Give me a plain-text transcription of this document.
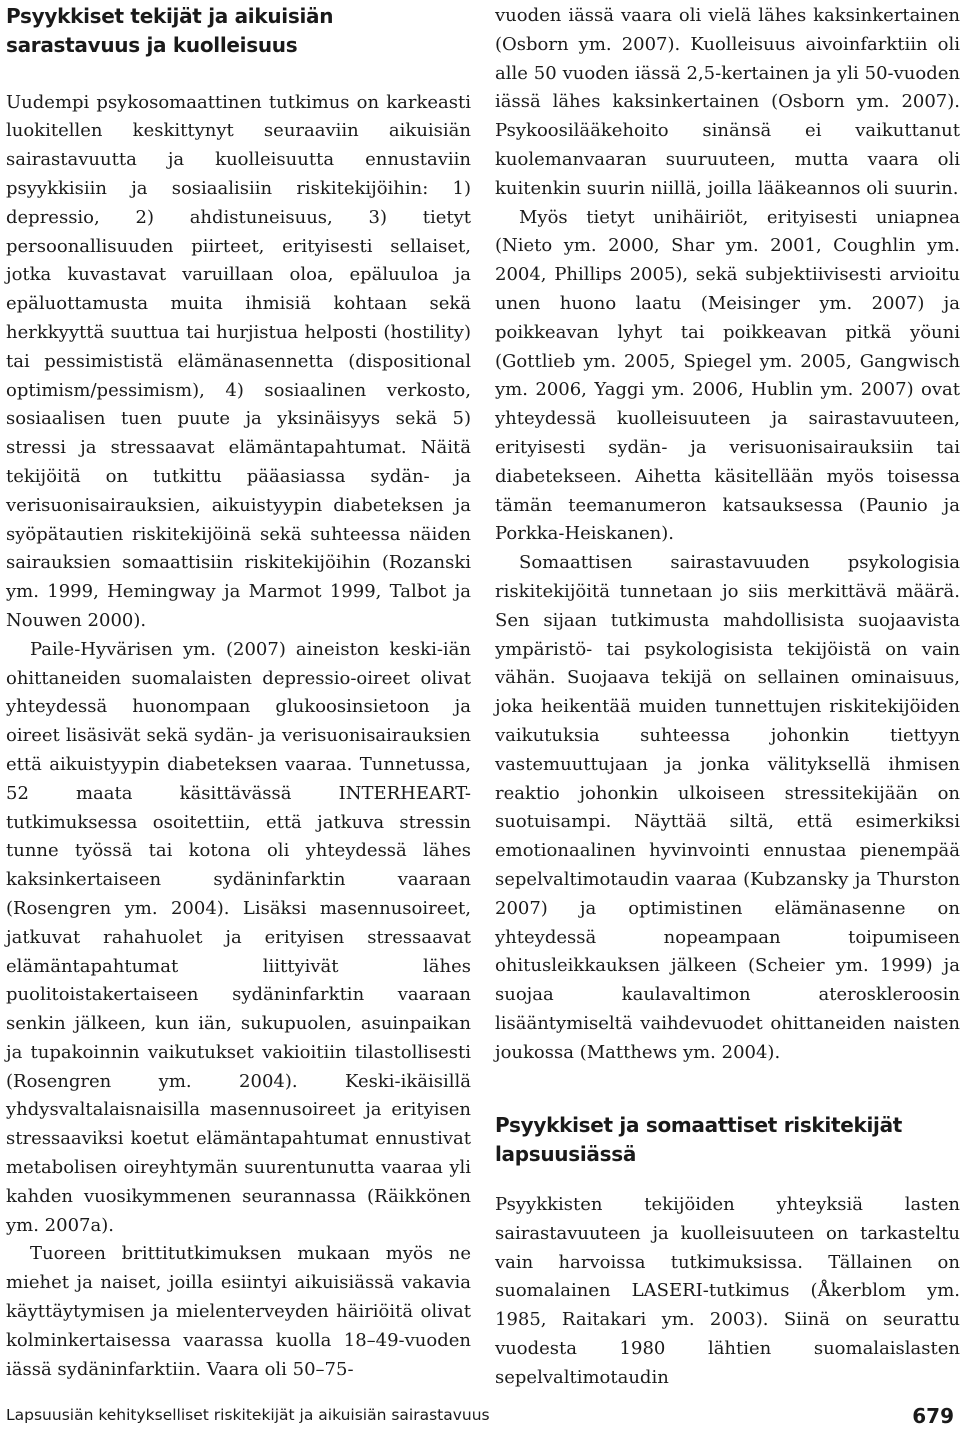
Psyykkiset tekijät ja aikuisiän sarastavuus ja kuolleisuus

Uudempi psykosomaattinen tutkimus on karkeasti luokitellen keskittynyt seuraaviin aikuisiän sairastavuutta ja kuolleisuutta ennustaviin psyykkisiin ja sosiaalisiin riskitekijöihin: 1) depressio, 2) ahdistuneisuus, 3) tietyt persoonallisuuden piirteet, erityisesti sellaiset, jotka kuvastavat varuillaan oloa, epäluuloa ja epäluottamusta muita ihmisiä kohtaan sekä herkkyyttä suuttua tai hurjistua helposti (hostility) tai pessimististä elämänasennetta (dispositional optimism/pessimism), 4) sosiaalinen verkosto, sosiaalisen tuen puute ja yksinäisyys sekä 5) stressi ja stressaavat elämäntapahtumat. Näitä tekijöitä on tutkittu pääasiassa sydän- ja verisuonisairauksien, aikuistyypin diabeteksen ja syöpätautien riskitekijöinä sekä suhteessa näiden sairauksien somaattisiin riskitekijöihin (Rozanski ym. 1999, Hemingway ja Marmot 1999, Talbot ja Nouwen 2000).

Paile-Hyvärisen ym. (2007) aineiston keski-iän ohittaneiden suomalaisten depressio-oireet olivat yhteydessä huonompaan glukoosinsietoon ja oireet lisäsivät sekä sydän- ja verisuonisairauksien että aikuistyypin diabeteksen vaaraa. Tunnetussa, 52 maata käsittävässä INTERHEART-tutkimuksessa osoitettiin, että jatkuva stressin tunne työssä tai kotona oli yhteydessä lähes kaksinkertaiseen sydäninfarktin vaaraan (Rosengren ym. 2004). Lisäksi masennusoireet, jatkuvat rahahuolet ja erityisen stressaavat elämäntapahtumat liittyivät lähes puolitoistakertaiseen sydäninfarktin vaaraan senkin jälkeen, kun iän, sukupuolen, asuinpaikan ja tupakoinnin vaikutukset vakioitiin tilastollisesti (Rosengren ym. 2004). Keski-ikäisillä yhdysvaltalaisnaisilla masennusoireet ja erityisen stressaaviksi koetut elämäntapahtumat ennustivat metabolisen oireyhtymän suurentunutta vaaraa yli kahden vuosikymmenen seurannassa (Räikkönen ym. 2007a).

Tuoreen brittitutkimuksen mukaan myös ne miehet ja naiset, joilla esiintyi aikuisiässä vakavia käyttäytymisen ja mielenterveyden häiriöitä olivat kolminkertaisessa vaarassa kuolla 18–49-vuoden iässä sydäninfarktiin. Vaara oli 50–75-

vuoden iässä vaara oli vielä lähes kaksinkertainen (Osborn ym. 2007). Kuolleisuus aivoinfarktiin oli alle 50 vuoden iässä 2,5-kertainen ja yli 50-vuoden iässä lähes kaksinkertainen (Osborn ym. 2007). Psykoosilääkehoito sinänsä ei vaikuttanut kuolemanvaaran suuruuteen, mutta vaara oli kuitenkin suurin niillä, joilla lääkeannos oli suurin.

Myös tietyt unihäiriöt, erityisesti uniapnea (Nieto ym. 2000, Shar ym. 2001, Coughlin ym. 2004, Phillips 2005), sekä subjektiivisesti arvioitu unen huono laatu (Meisinger ym. 2007) ja poikkeavan lyhyt tai poikkeavan pitkä yöuni (Gottlieb ym. 2005, Spiegel ym. 2005, Gangwisch ym. 2006, Yaggi ym. 2006, Hublin ym. 2007) ovat yhteydessä kuolleisuuteen ja sairastavuuteen, erityisesti sydän- ja verisuonisairauksiin tai diabetekseen. Aihetta käsitellään myös toisessa tämän teemanumeron katsauksessa (Paunio ja Porkka-Heiskanen).

Somaattisen sairastavuuden psykologisia riskitekijöitä tunnetaan jo siis merkittävä määrä. Sen sijaan tutkimusta mahdollisista suojaavista ympäristö- tai psykologisista tekijöistä on vain vähän. Suojaava tekijä on sellainen ominaisuus, joka heikentää muiden tunnettujen riskitekijöiden vaikutuksia suhteessa johonkin tiettyyn vastemuuttujaan ja jonka välityksellä ihmisen reaktio johonkin ulkoiseen stressitekijään on suotuisampi. Näyttää siltä, että esimerkiksi emotionaalinen hyvinvointi ennustaa pienempää sepelvaltimotaudin vaaraa (Kubzansky ja Thurston 2007) ja optimistinen elämänasenne on yhteydessä nopeampaan toipumiseen ohitusleikkauksen jälkeen (Scheier ym. 1999) ja suojaa kaulavaltimon ateroskleroosin lisääntymiseltä vaihdevuodet ohittaneiden naisten joukossa (Matthews ym. 2004).

Psyykkiset ja somaattiset riskitekijät lapsuusiässä

Psyykkisten tekijöiden yhteyksiä lasten sairastavuuteen ja kuolleisuuteen on tarkasteltu vain harvoissa tutkimuksissa. Tällainen on suomalainen LASERI-tutkimus (Åkerblom ym. 1985, Raitakari ym. 2003). Siinä on seurattu vuodesta 1980 lähtien suomalaislasten sepelvaltimotaudin

Lapsuusiän kehitykselliset riskitekijät ja aikuisiän sairastavuus	679
